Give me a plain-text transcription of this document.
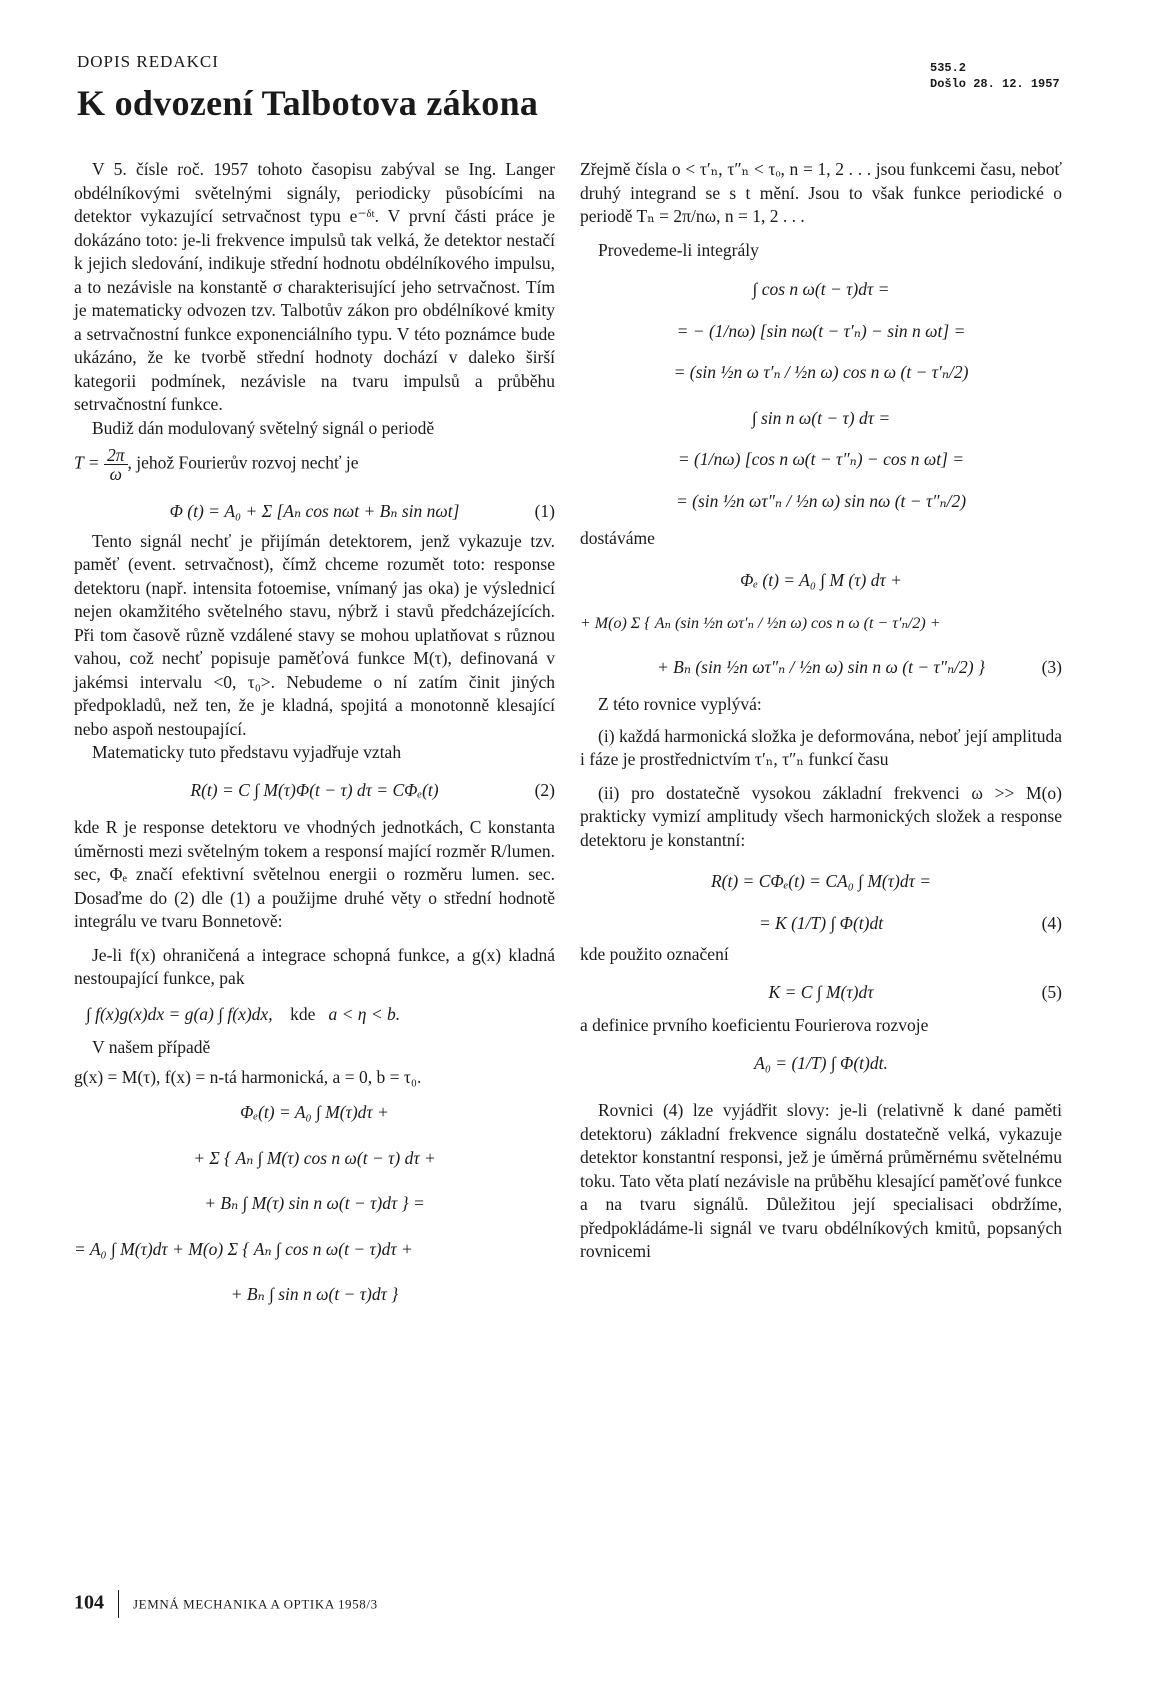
DOPIS REDAKCI
K odvození Talbotova zákona
535.2
Došlo 28. 12. 1957

V 5. čísle roč. 1957 tohoto časopisu zabýval se Ing. Langer obdélníkovými světelnými signály, periodicky působícími na detektor vykazující setrvačnost typu e⁻ᵟᵗ. V první části práce je dokázáno toto: je-li frekvence impulsů tak velká, že detektor nestačí k jejich sledování, indikuje střední hodnotu obdélníkového impulsu, a to nezávisle na konstantě σ charakterisující jeho setrvačnost. Tím je matematicky odvozen tzv. Talbotův zákon pro obdélníkové kmity a setrvačnostní funkce exponenciálního typu. V této poznámce bude ukázáno, že ke tvorbě střední hodnoty dochází v daleko širší kategorii podmínek, nezávisle na tvaru impulsů a průběhu setrvačnostní funkce.

Budiž dán modulovaný světelný signál o periodě

$T = \frac{2\pi}{\omega}$ , jehož Fourierův rozvoj nechť je
Φ (t) = A₀ + Σ [Aₙ cos nωt + Bₙ sin nωt]	(1)

Tento signál nechť je přijímán detektorem, jenž vykazuje tzv. paměť (event. setrvačnost), čímž chceme rozumět toto: response detektoru (např. intensita fotoemise, vnímaný jas oka) je výslednicí nejen okamžitého světelného stavu, nýbrž i stavů předcházejících. Při tom časově různě vzdálené stavy se mohou uplatňovat s různou vahou, což nechť popisuje paměťová funkce M(τ), definovaná v jakémsi intervalu <0, τ₀>. Nebudeme o ní zatím činit jiných předpokladů, než ten, že je kladná, spojitá a monotonně klesající nebo aspoň nestoupající.

Matematicky tuto představu vyjadřuje vztah

R(t) = C ∫ M(τ)Φ(t − τ) dτ = CΦₑ(t)	(2)

kde R je response detektoru ve vhodných jednotkách, C konstanta úměrnosti mezi světelným tokem a responsí mající rozměr R/lumen. sec, Φₑ značí efektivní světelnou energii o rozměru lumen. sec. Dosaďme do (2) dle (1) a použijme druhé věty o střední hodnotě integrálu ve tvaru Bonnetově:

Je-li f(x) ohraničená a integrace schopná funkce, a g(x) kladná nestoupající funkce, pak

∫ f(x)g(x)dx = g(a) ∫ f(x)dx, kde a < η < b.

V našem případě

g(x) = M(τ), f(x) = n-tá harmonická, a = 0, b = τ₀.

Φₑ(t) = A₀ ∫ M(τ)dτ +
+ Σ { Aₙ ∫ M(τ) cos n ω(t − τ) dτ +
+ Bₙ ∫ M(τ) sin n ω(t − τ)dτ } =
= A₀ ∫ M(τ)dτ + M(o) Σ { Aₙ ∫ cos n ω(t − τ)dτ +
+ Bₙ ∫ sin n ω(t − τ)dτ }

Zřejmě čísla o < τ′ₙ, τ″ₙ < τₒ, n = 1, 2 . . . jsou funkcemi času, neboť druhý integrand se s t mění. Jsou to však funkce periodické o periodě Tₙ = 2π/nω, n = 1, 2 . . .

Provedeme-li integrály

∫ cos n ω(t − τ)dτ =
= − (1/nω) [sin nω(t − τ′ₙ) − sin n ωt] =
= (sin ½n ω τ′ₙ / ½n ω) cos n ω (t − τ′ₙ/2)
∫ sin n ω(t − τ) dτ =
= (1/nω) [cos n ω(t − τ″ₙ) − cos n ωt] =
= (sin ½n ωτ″ₙ / ½n ω) sin nω (t − τ″ₙ/2)

dostáváme

Φₑ (t) = A₀ ∫ M (τ) dτ +
+ M(o) Σ { Aₙ (sin ½n ωτ′ₙ / ½n ω) cos n ω (t − τ′ₙ/2) +
+ Bₙ (sin ½n ωτ″ₙ / ½n ω) sin n ω (t − τ″ₙ/2) }	(3)

Z této rovnice vyplývá:

(i) každá harmonická složka je deformována, neboť její amplituda i fáze je prostřednictvím τ′ₙ, τ″ₙ funkcí času

(ii) pro dostatečně vysokou základní frekvenci ω >> M(o) prakticky vymizí amplitudy všech harmonických složek a response detektoru je konstantní:

R(t) = CΦₑ(t) = CA₀ ∫ M(τ)dτ =
= K (1/T) ∫ Φ(t)dt	(4)

kde použito označení

K = C ∫ M(τ)dτ	(5)

a definice prvního koeficientu Fourierova rozvoje

A₀ = (1/T) ∫ Φ(t)dt.

Rovnici (4) lze vyjádřit slovy: je-li (relativně k dané paměti detektoru) základní frekvence signálu dostatečně velká, vykazuje detektor konstantní responsi, jež je úměrná průměrnému světelnému toku. Tato věta platí nezávisle na průběhu klesající paměťové funkce a na tvaru signálů. Důležitou její specialisaci obdržíme, předpokládáme-li signál ve tvaru obdélníkových kmitů, popsaných rovnicemi

104 JEMNÁ MECHANIKA A OPTIKA 1958/3
